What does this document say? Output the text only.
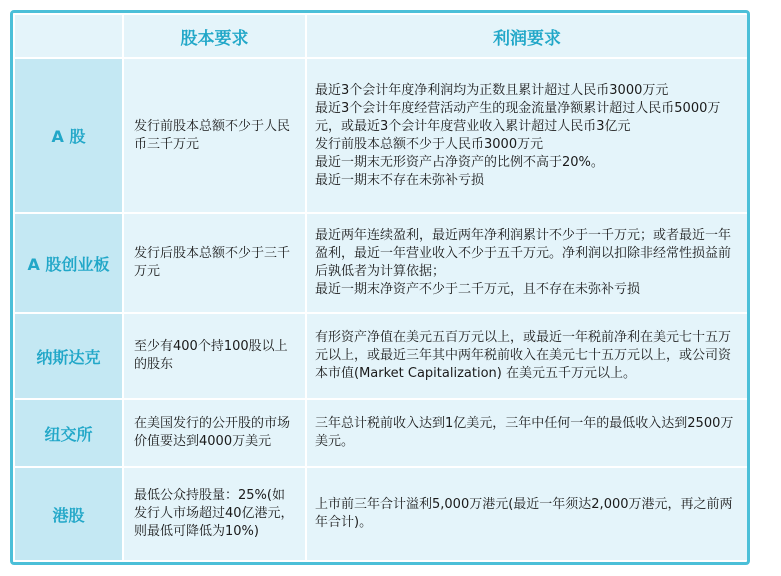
	股本要求	利润要求
A 股	发行前股本总额不少于人民币三千万元	最近3个会计年度净利润均为正数且累计超过人民币3000万元
最近3个会计年度经营活动产生的现金流量净额累计超过人民币5000万元，或最近3个会计年度营业收入累计超过人民币3亿元
发行前股本总额不少于人民币3000万元
最近一期末无形资产占净资产的比例不高于20%。
最近一期末不存在未弥补亏损

A 股创业板	发行后股本总额不少于三千万元	最近两年连续盈利，最近两年净利润累计不少于一千万元；或者最近一年盈利，最近一年营业收入不少于五千万元。净利润以扣除非经常性损益前后孰低者为计算依据；
最近一期末净资产不少于二千万元，且不存在未弥补亏损

纳斯达克	至少有400个持100股以上的股东	有形资产净值在美元五百万元以上，或最近一年税前净利在美元七十五万元以上，或最近三年其中两年税前收入在美元七十五万元以上，或公司资本市值(Market Capitalization) 在美元五千万元以上。

纽交所	在美国发行的公开股的市场价值要达到4000万美元	三年总计税前收入达到1亿美元，三年中任何一年的最低收入达到2500万美元。

港股	最低公众持股量：25%(如发行人市场超过40亿港元，则最低可降低为10%)	上市前三年合计溢利5,000万港元(最近一年须达2,000万港元，再之前两年合计)。
